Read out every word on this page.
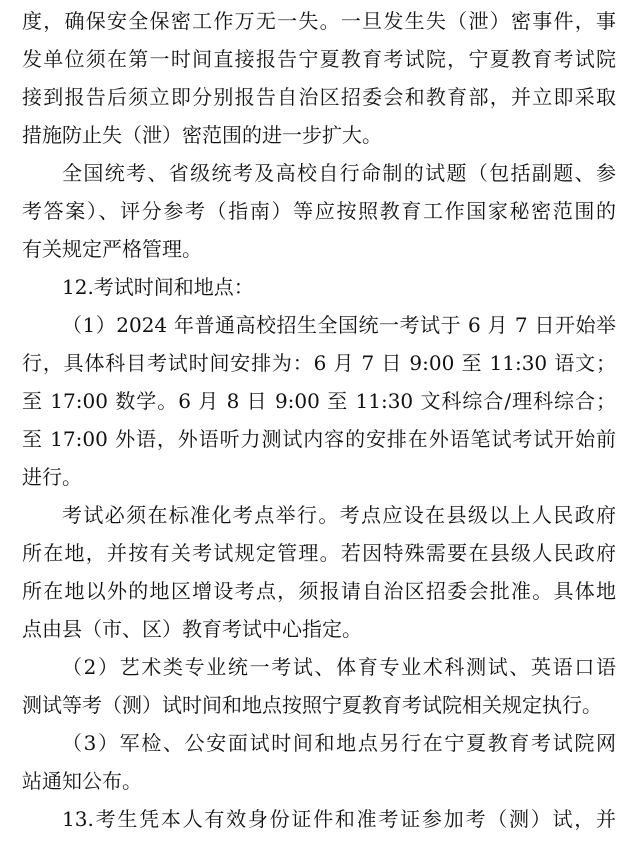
度，确保安全保密工作万无一失。一旦发生失（泄）密事件，事
发单位须在第一时间直接报告宁夏教育考试院，宁夏教育考试院
接到报告后须立即分别报告自治区招委会和教育部，并立即采取
措施防止失（泄）密范围的进一步扩大。
全国统考、省级统考及高校自行命制的试题（包括副题、参
考答案）、评分参考（指南）等应按照教育工作国家秘密范围的
有关规定严格管理。
12.考试时间和地点：
（1）2024 年普通高校招生全国统一考试于 6 月 7 日开始举
行，具体科目考试时间安排为：6 月 7 日 9:00 至 11:30 语文；
至 17:00 数学。6 月 8 日 9:00 至 11:30 文科综合/理科综合；
至 17:00 外语，外语听力测试内容的安排在外语笔试考试开始前
进行。
考试必须在标准化考点举行。考点应设在县级以上人民政府
所在地，并按有关考试规定管理。若因特殊需要在县级人民政府
所在地以外的地区增设考点，须报请自治区招委会批准。具体地
点由县（市、区）教育考试中心指定。
（2）艺术类专业统一考试、体育专业术科测试、英语口语
测试等考（测）试时间和地点按照宁夏教育考试院相关规定执行。
（3）军检、公安面试时间和地点另行在宁夏教育考试院网
站通知公布。
13.考生凭本人有效身份证件和准考证参加考（测）试，并
